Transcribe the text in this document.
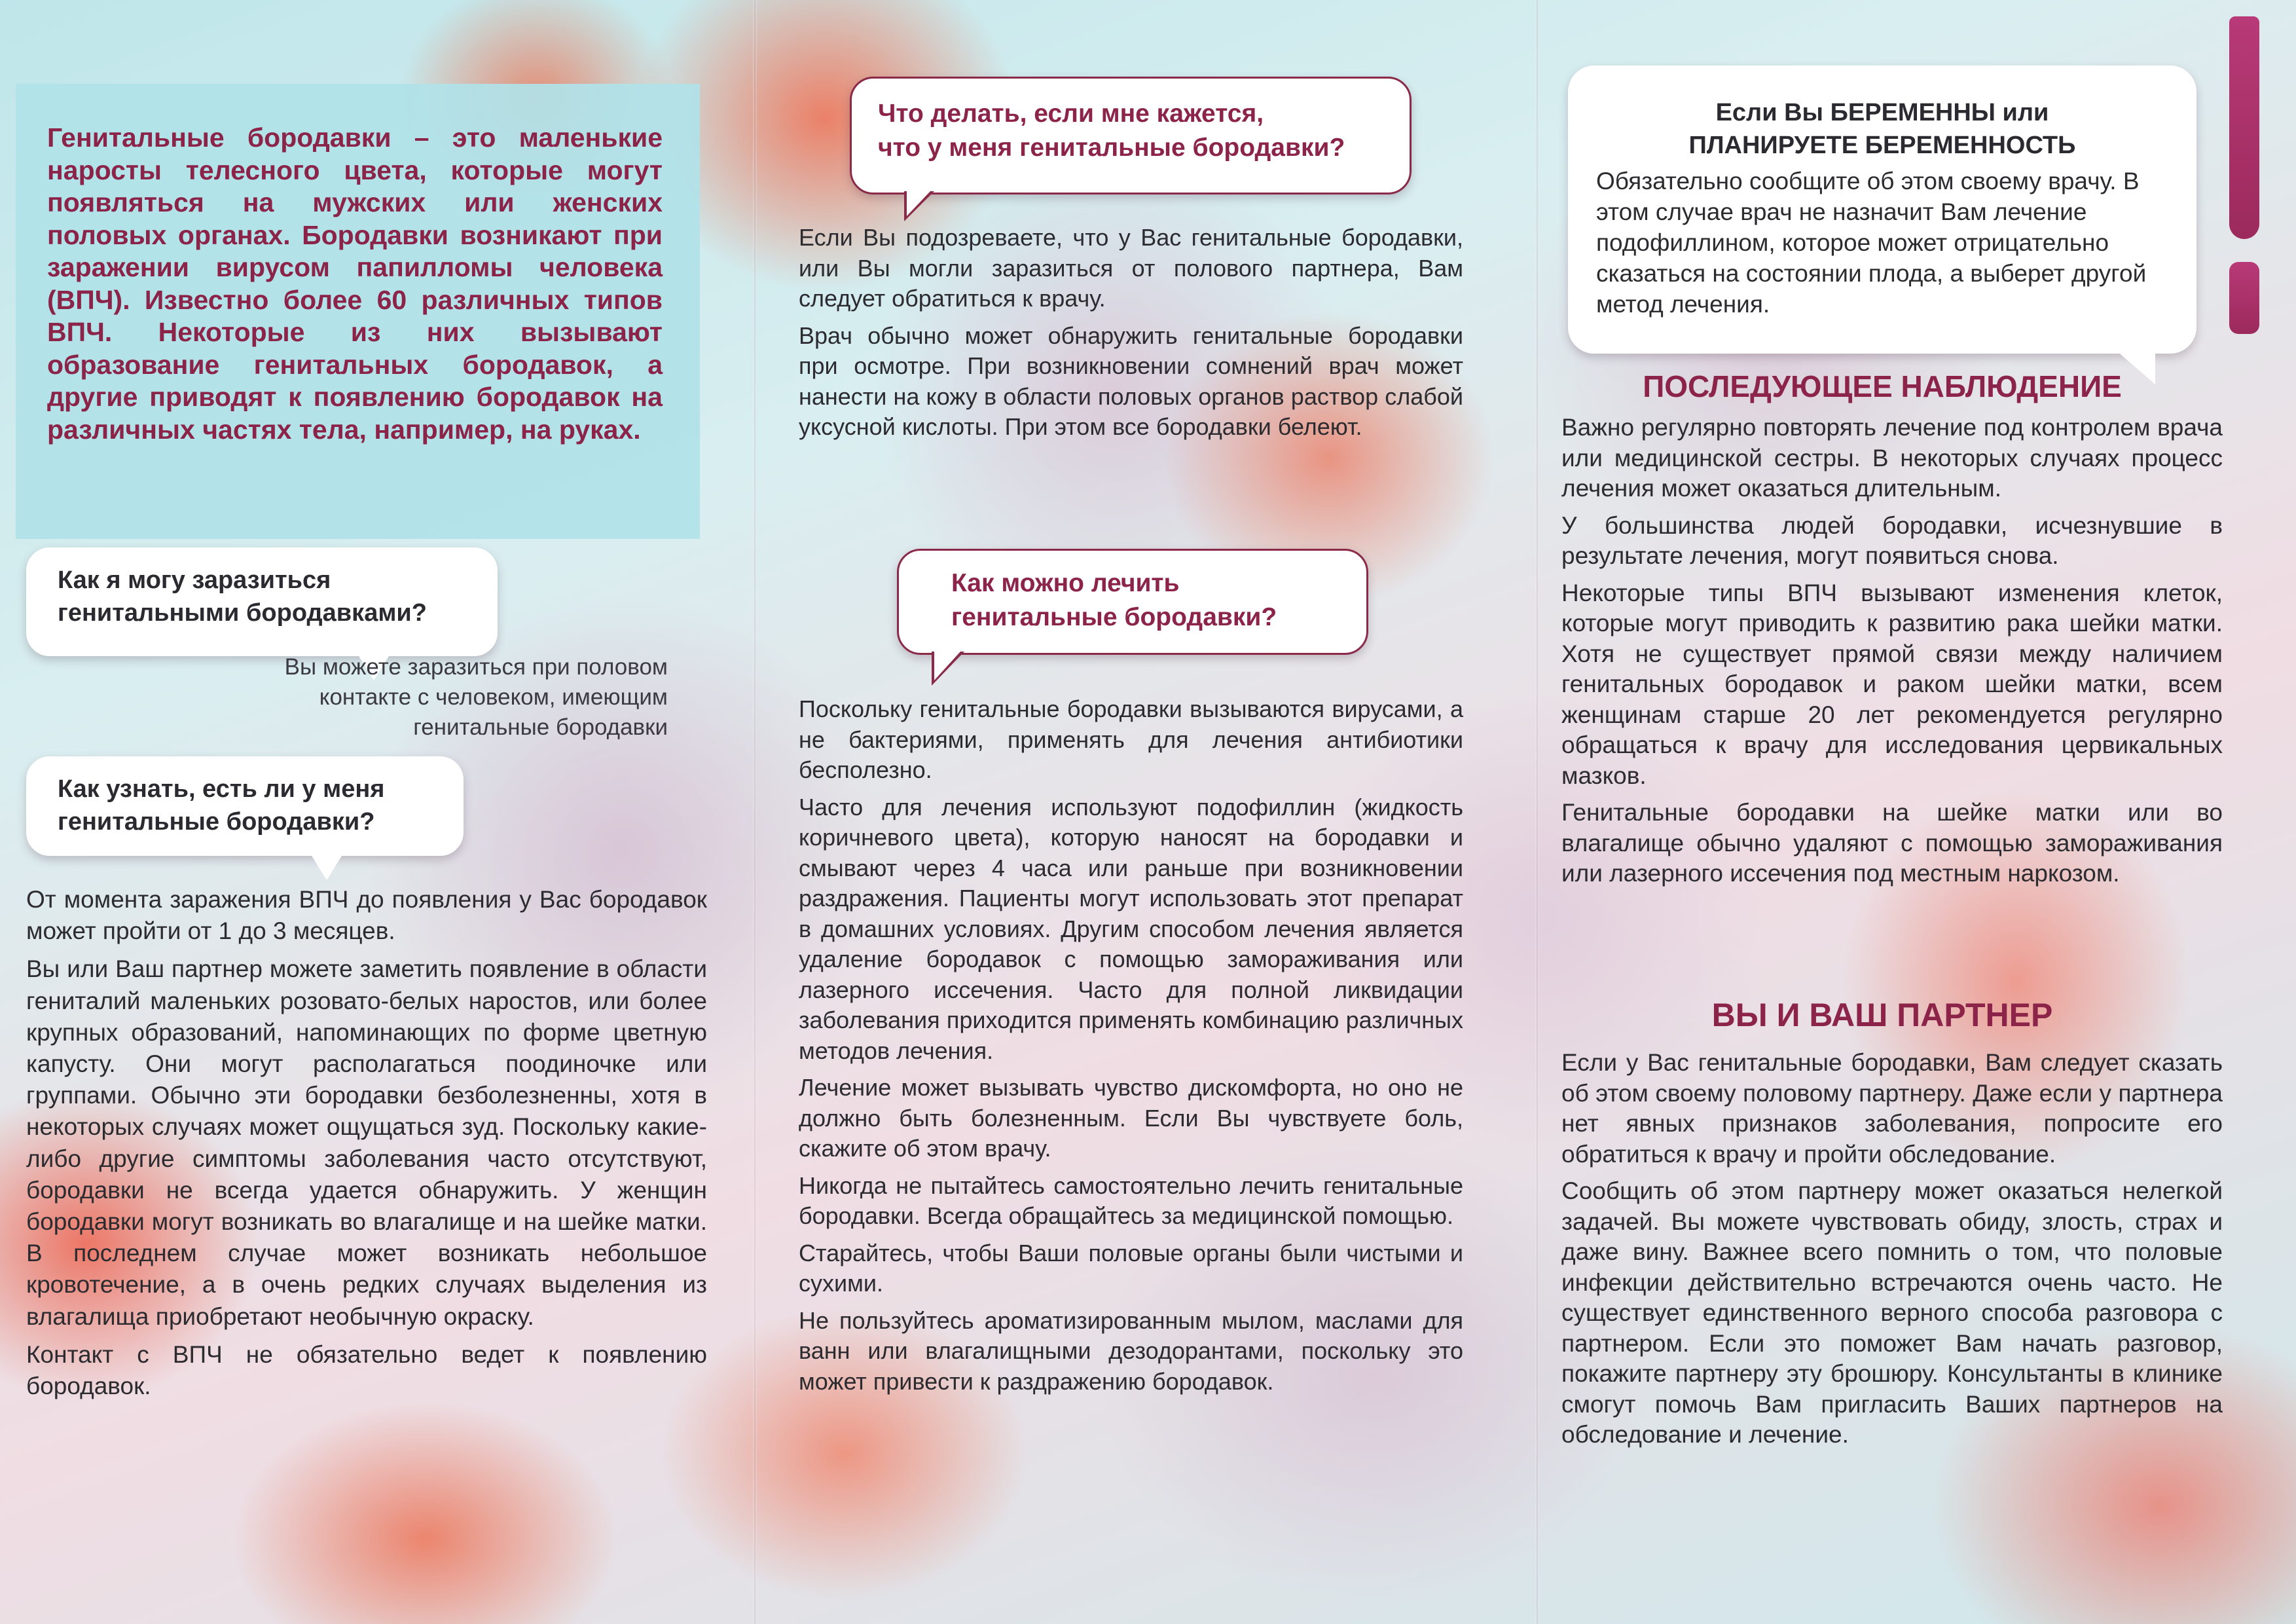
Генитальные бородавки – это маленькие наросты телесного цвета, которые могут появляться на мужских или женских половых органах. Бородавки возникают при заражении вирусом папилломы человека (ВПЧ). Известно более 60 различных типов ВПЧ. Некоторые из них вызывают образование генитальных бородавок, а другие приводят к появлению бородавок на различных частях тела, например, на руках.
Как я могу заразиться генитальными бородавками?
Вы можете заразиться при половом контакте с человеком, имеющим генитальные бородавки
Как узнать, есть ли у меня генитальные бородавки?

От момента заражения ВПЧ до появления у Вас бородавок может пройти от 1 до 3 месяцев.

Вы или Ваш партнер можете заметить появление в области гениталий маленьких розовато-белых наростов, или более крупных образований, напоминающих по форме цветную капусту. Они могут располагаться поодиночке или группами. Обычно эти бородавки безболезненны, хотя в некоторых случаях может ощущаться зуд. Поскольку какие-либо другие симптомы заболевания часто отсутствуют, бородавки не всегда удается обнаружить. У женщин бородавки могут возникать во влагалище и на шейке матки. В последнем случае может возникать небольшое кровотечение, а в очень редких случаях выделения из влагалища приобретают необычную окраску.

Контакт с ВПЧ не обязательно ведет к появлению бородавок.

Что делать, если мне кажется,
что у меня генитальные бородавки?

Если Вы подозреваете, что у Вас генитальные бородавки, или Вы могли заразиться от полового партнера, Вам следует обратиться к врачу.

Врач обычно может обнаружить генитальные бородавки при осмотре. При возникновении сомнений врач может нанести на кожу в области половых органов раствор слабой уксусной кислоты. При этом все бородавки белеют.

Как можно лечить
генитальные бородавки?

Поскольку генитальные бородавки вызываются вирусами, а не бактериями, применять для лечения антибиотики бесполезно.

Часто для лечения используют подофиллин (жидкость коричневого цвета), которую наносят на бородавки и смывают через 4 часа или раньше при возникновении раздражения. Пациенты могут использовать этот препарат в домашних условиях. Другим способом лечения является удаление бородавок с помощью замораживания или лазерного иссечения. Часто для полной ликвидации заболевания приходится применять комбинацию различных методов лечения.

Лечение может вызывать чувство дискомфорта, но оно не должно быть болезненным. Если Вы чувствуете боль, скажите об этом врачу.

Никогда не пытайтесь самостоятельно лечить генитальные бородавки. Всегда обращайтесь за медицинской помощью.

Старайтесь, чтобы Ваши половые органы были чистыми и сухими.

Не пользуйтесь ароматизированным мылом, маслами для ванн или влагалищными дезодорантами, поскольку это может привести к раздражению бородавок.

Если Вы БЕРЕМЕННЫ или
ПЛАНИРУЕТЕ БЕРЕМЕННОСТЬ
Обязательно сообщите об этом своему врачу. В этом случае врач не назначит Вам лечение подофиллином, которое может отрицательно сказаться на состоянии плода, а выберет другой метод лечения.
ПОСЛЕДУЮЩЕЕ НАБЛЮДЕНИЕ

Важно регулярно повторять лечение под контролем врача или медицинской сестры. В некоторых случаях процесс лечения может оказаться длительным.

У большинства людей бородавки, исчезнувшие в результате лечения, могут появиться снова.

Некоторые типы ВПЧ вызывают изменения клеток, которые могут приводить к развитию рака шейки матки. Хотя не существует прямой связи между наличием генитальных бородавок и раком шейки матки, всем женщинам старше 20 лет рекомендуется регулярно обращаться к врачу для исследования цервикальных мазков.

Генитальные бородавки на шейке матки или во влагалище обычно удаляют с помощью замораживания или лазерного иссечения под местным наркозом.

ВЫ И ВАШ ПАРТНЕР

Если у Вас генитальные бородавки, Вам следует сказать об этом своему половому партнеру. Даже если у партнера нет явных признаков заболевания, попросите его обратиться к врачу и пройти обследование.

Сообщить об этом партнеру может оказаться нелегкой задачей. Вы можете чувствовать обиду, злость, страх и даже вину. Важнее всего помнить о том, что половые инфекции действительно встречаются очень часто. Не существует единственного верного способа разговора с партнером. Если это поможет Вам начать разговор, покажите партнеру эту брошюру. Консультанты в клинике смогут помочь Вам пригласить Ваших партнеров на обследование и лечение.
